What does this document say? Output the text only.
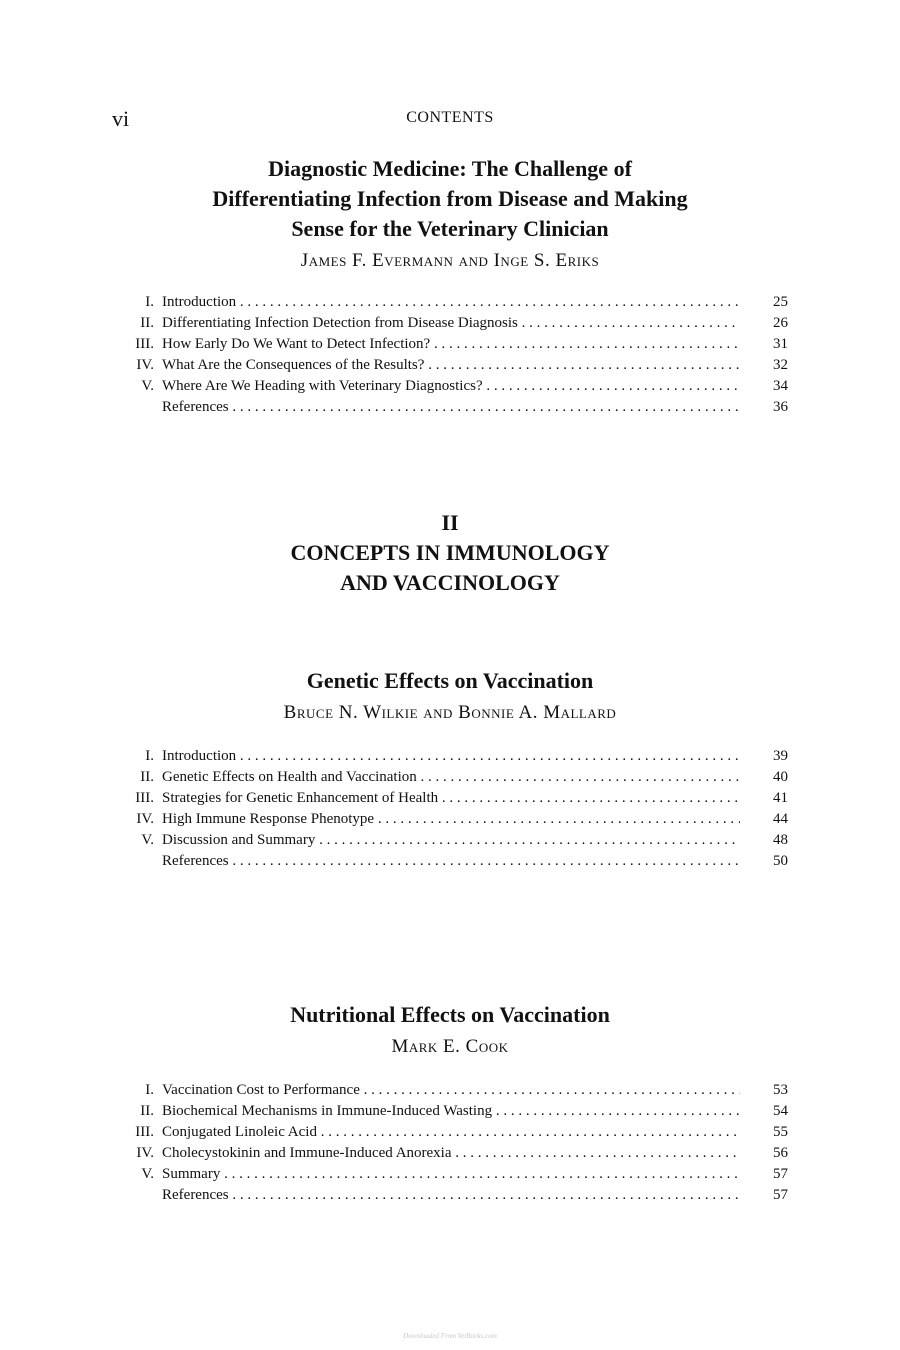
vi	CONTENTS

Diagnostic Medicine: The Challenge of

Differentiating Infection from Disease and Making

Sense for the Veterinary Clinician

James F. Evermann and Inge S. Eriks

I. Introduction . . .	25
II. Differentiating Infection Detection from Disease Diagnosis . . .	26
III. How Early Do We Want to Detect Infection? . . .	31
IV. What Are the Consequences of the Results? . . .	32
V. Where Are We Heading with Veterinary Diagnostics? . . .	34
References . . .	36

II

CONCEPTS IN IMMUNOLOGY

AND VACCINOLOGY

Genetic Effects on Vaccination

Bruce N. Wilkie and Bonnie A. Mallard

I. Introduction . . .	39
II. Genetic Effects on Health and Vaccination . . .	40
III. Strategies for Genetic Enhancement of Health . . .	41
IV. High Immune Response Phenotype . . .	44
V. Discussion and Summary . . .	48
References . . .	50

Nutritional Effects on Vaccination

Mark E. Cook

I. Vaccination Cost to Performance . . .	53
II. Biochemical Mechanisms in Immune-Induced Wasting . . .	54
III. Conjugated Linoleic Acid . . .	55
IV. Cholecystokinin and Immune-Induced Anorexia . . .	56
V. Summary . . .	57
References . . .	57
Downloaded From VetBooks.com
